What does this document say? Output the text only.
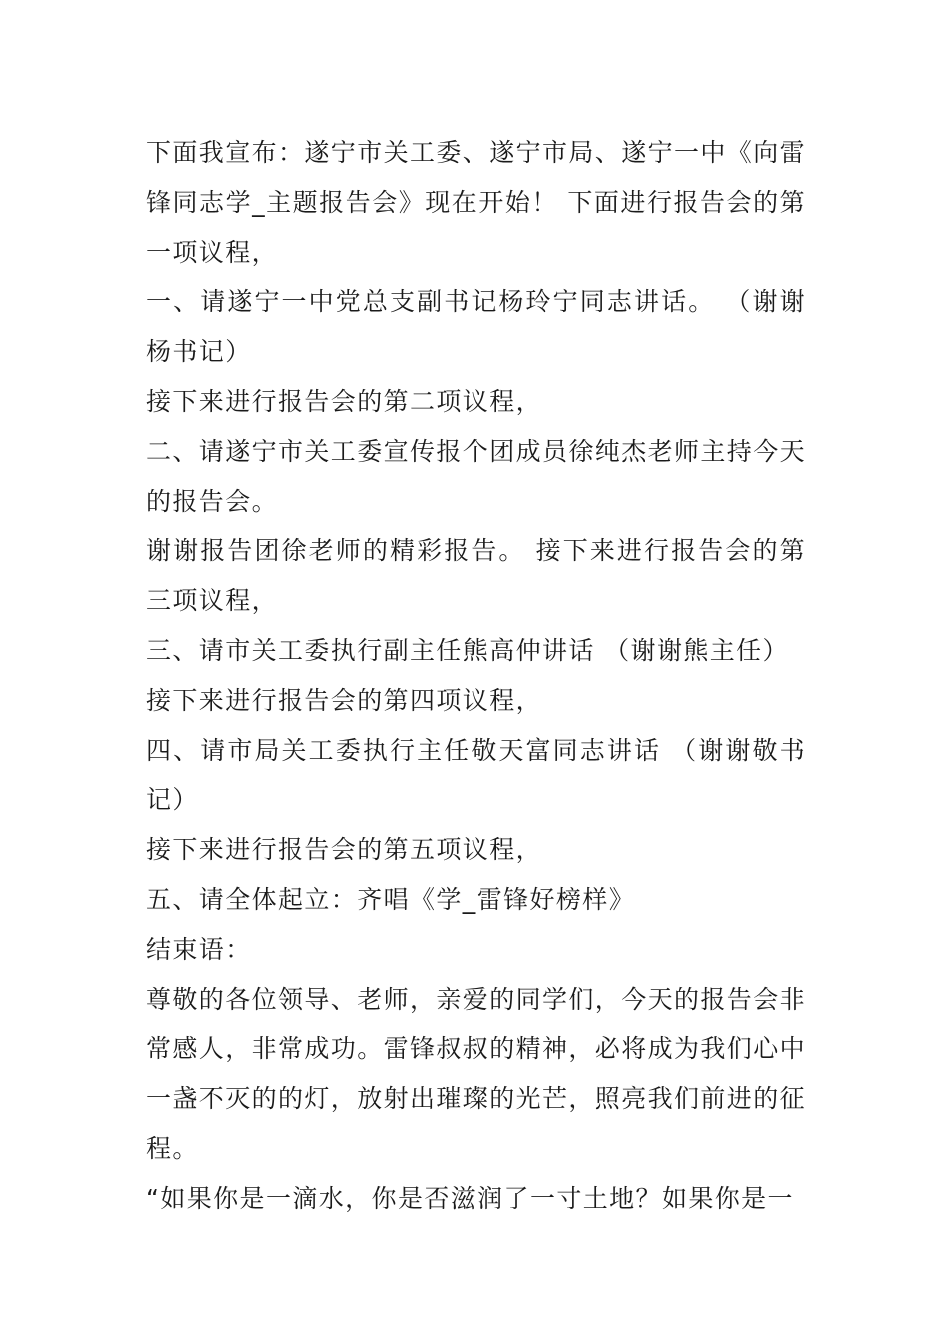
下面我宣布：遂宁市关工委、遂宁市局、遂宁一中《向雷锋同志学_主题报告会》现在开始！ 下面进行报告会的第一项议程，

一、请遂宁一中党总支副书记杨玲宁同志讲话。 （谢谢杨书记）

接下来进行报告会的第二项议程，

二、请遂宁市关工委宣传报个团成员徐纯杰老师主持今天的报告会。

谢谢报告团徐老师的精彩报告。 接下来进行报告会的第三项议程，

三、请市关工委执行副主任熊高仲讲话 （谢谢熊主任）

接下来进行报告会的第四项议程，

四、请市局关工委执行主任敬天富同志讲话 （谢谢敬书记）

接下来进行报告会的第五项议程，

五、请全体起立：齐唱《学_雷锋好榜样》

结束语：

尊敬的各位领导、老师，亲爱的同学们，今天的报告会非常感人，非常成功。雷锋叔叔的精神，必将成为我们心中一盏不灭的的灯，放射出璀璨的光芒，照亮我们前进的征程。

“如果你是一滴水，你是否滋润了一寸土地？如果你是一
